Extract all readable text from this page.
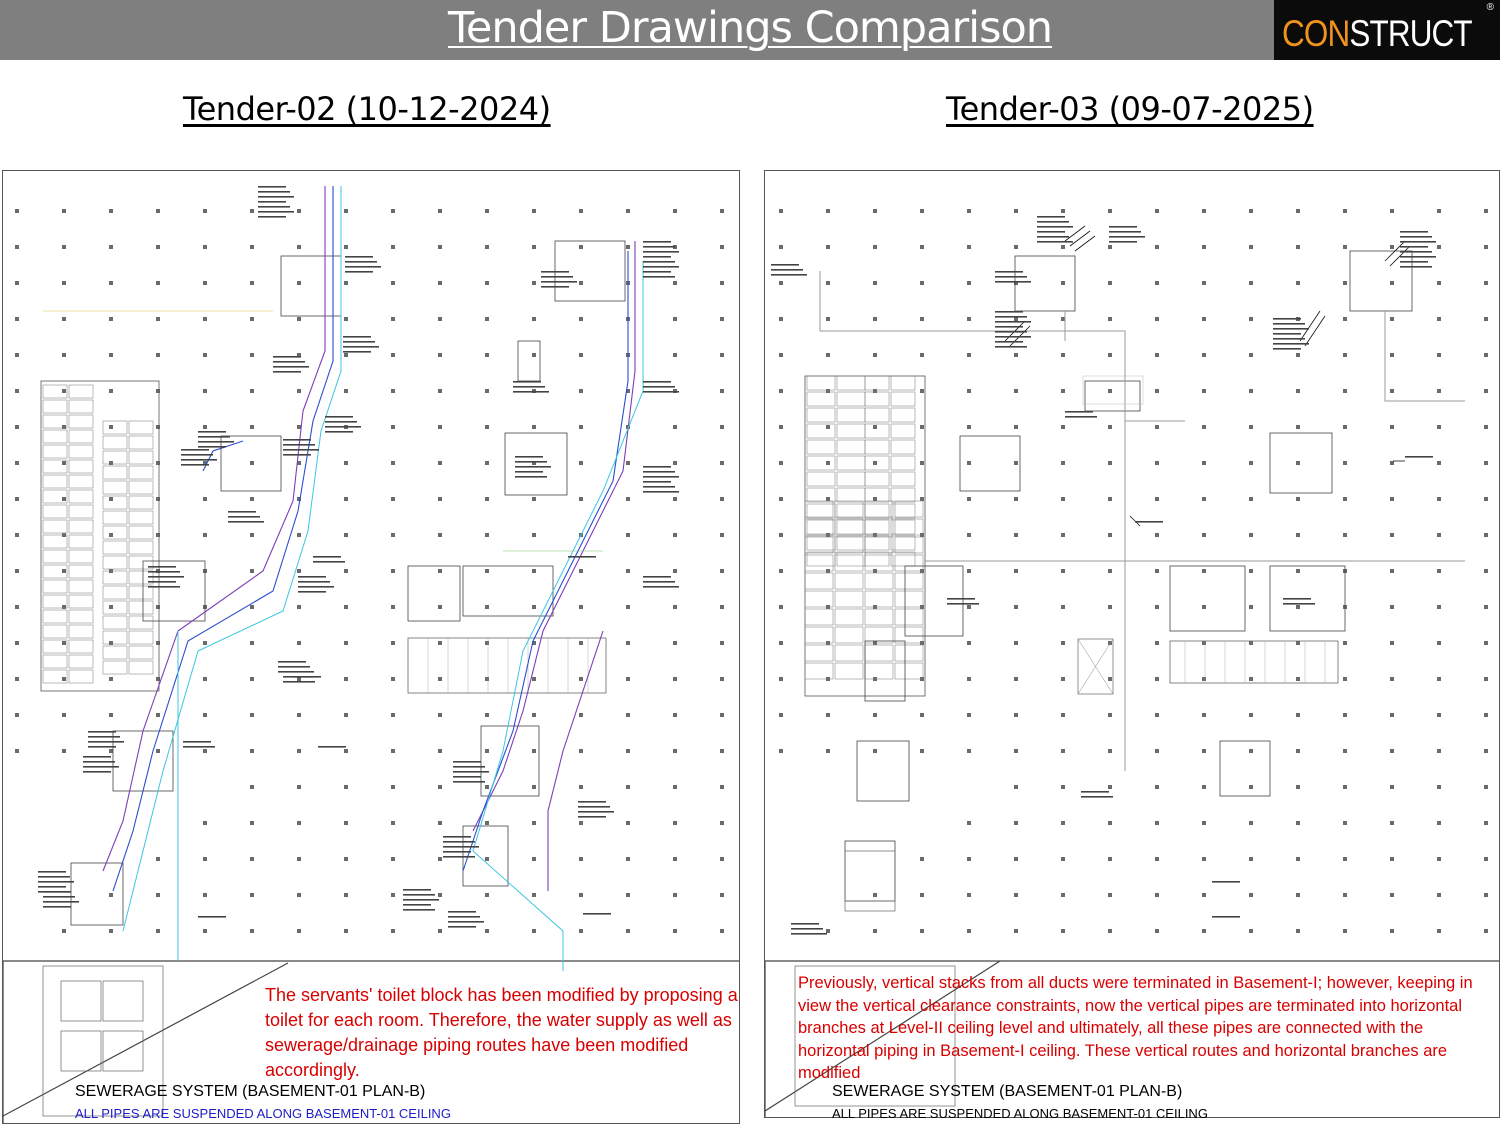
Tender Drawings Comparison	CONSTRUCT
®
Tender-02 (10-12-2024)	Tender-03 (09-07-2025)
The servants' toilet block has been modified by proposing a toilet for each room. Therefore, the water supply as well as sewerage/drainage piping routes have been modified accordingly.
SEWERAGE SYSTEM (BASEMENT-01 PLAN-B)
ALL PIPES ARE SUSPENDED ALONG BASEMENT-01 CEILING
Previously, vertical stacks from all ducts were terminated in Basement-I; however, keeping in view the vertical clearance constraints, now the vertical pipes are terminated into horizontal branches at Level-II ceiling level and ultimately, all these pipes are connected with the horizontal piping in Basement-I ceiling. These vertical routes and horizontal branches are modified
SEWERAGE SYSTEM (BASEMENT-01 PLAN-B)
ALL PIPES ARE SUSPENDED ALONG BASEMENT-01 CEILING
